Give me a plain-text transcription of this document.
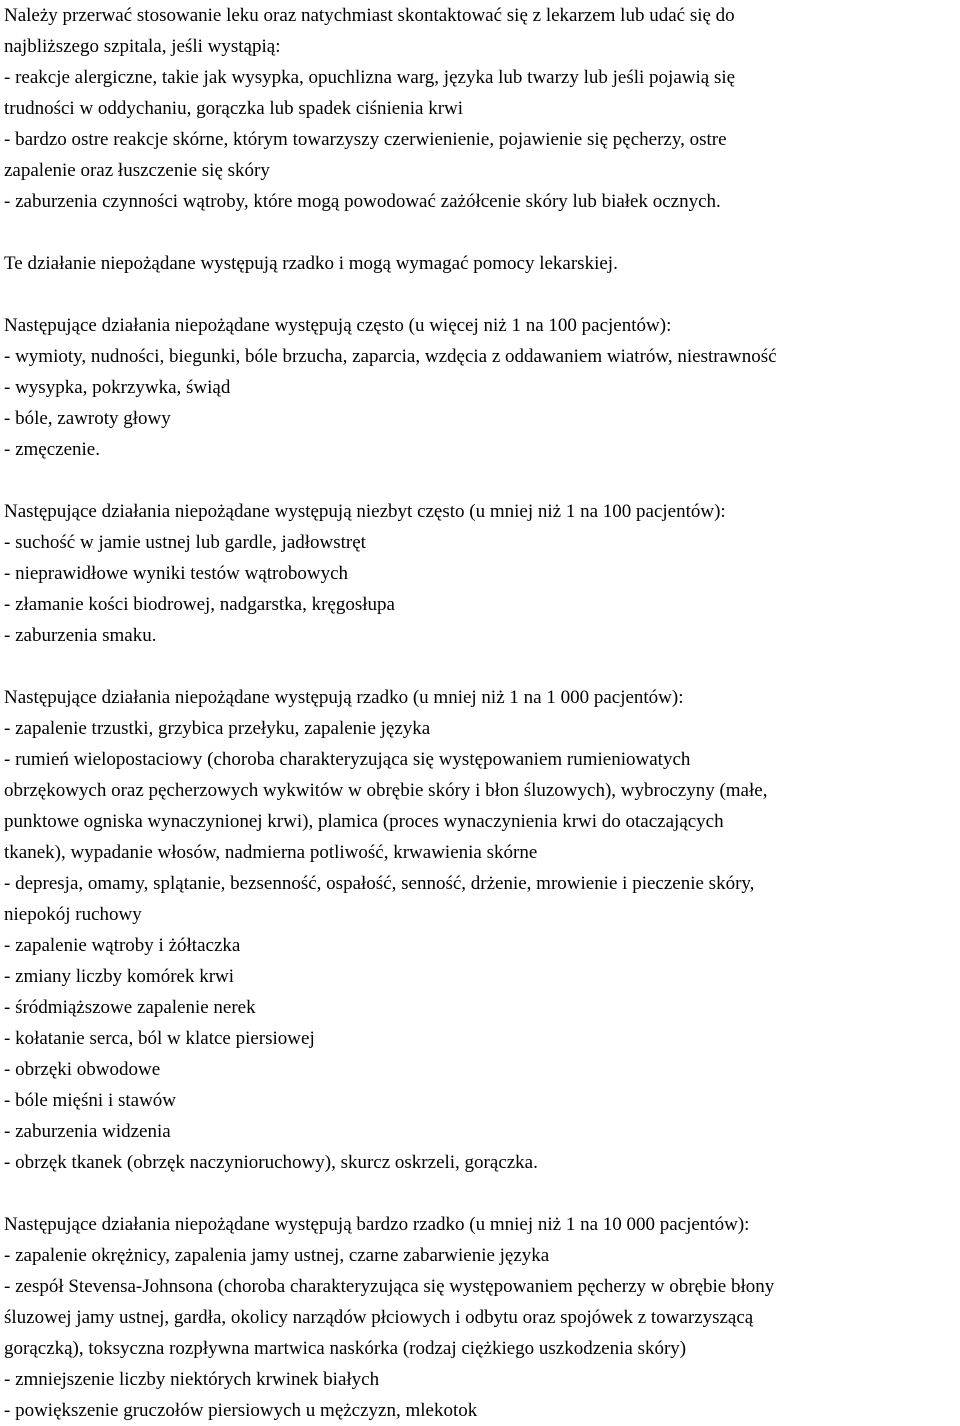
Należy przerwać stosowanie leku oraz natychmiast skontaktować się z lekarzem lub udać się do
najbliższego szpitala, jeśli wystąpią:
- reakcje alergiczne, takie jak wysypka, opuchlizna warg, języka lub twarzy lub jeśli pojawią się
trudności w oddychaniu, gorączka lub spadek ciśnienia krwi
- bardzo ostre reakcje skórne, którym towarzyszy czerwienienie, pojawienie się pęcherzy, ostre
zapalenie oraz łuszczenie się skóry
- zaburzenia czynności wątroby, które mogą powodować zażółcenie skóry lub białek ocznych.
Te działanie niepożądane występują rzadko i mogą wymagać pomocy lekarskiej.
Następujące działania niepożądane występują często (u więcej niż 1 na 100 pacjentów):
- wymioty, nudności, biegunki, bóle brzucha, zaparcia, wzdęcia z oddawaniem wiatrów, niestrawność
- wysypka, pokrzywka, świąd
- bóle, zawroty głowy
- zmęczenie.
Następujące działania niepożądane występują niezbyt często (u mniej niż 1 na 100 pacjentów):
- suchość w jamie ustnej lub gardle, jadłowstręt
- nieprawidłowe wyniki testów wątrobowych
- złamanie kości biodrowej, nadgarstka, kręgosłupa
- zaburzenia smaku.
Następujące działania niepożądane występują rzadko (u mniej niż 1 na 1 000 pacjentów):
- zapalenie trzustki, grzybica przełyku, zapalenie języka
- rumień wielopostaciowy (choroba charakteryzująca się występowaniem rumieniowatych
obrzękowych oraz pęcherzowych wykwitów w obrębie skóry i błon śluzowych), wybroczyny (małe,
punktowe ogniska wynaczynionej krwi), plamica (proces wynaczynienia krwi do otaczających
tkanek), wypadanie włosów, nadmierna potliwość, krwawienia skórne
- depresja, omamy, splątanie, bezsenność, ospałość, senność, drżenie, mrowienie i pieczenie skóry,
niepokój ruchowy
- zapalenie wątroby i żółtaczka
- zmiany liczby komórek krwi
- śródmiąższowe zapalenie nerek
- kołatanie serca, ból w klatce piersiowej
- obrzęki obwodowe
- bóle mięśni i stawów
- zaburzenia widzenia
- obrzęk tkanek (obrzęk naczynioruchowy), skurcz oskrzeli, gorączka.
Następujące działania niepożądane występują bardzo rzadko (u mniej niż 1 na 10 000 pacjentów):
- zapalenie okrężnicy, zapalenia jamy ustnej, czarne zabarwienie języka
- zespół Stevensa-Johnsona (choroba charakteryzująca się występowaniem pęcherzy w obrębie błony
śluzowej jamy ustnej, gardła, okolicy narządów płciowych i odbytu oraz spojówek z towarzyszącą
gorączką), toksyczna rozpływna martwica naskórka (rodzaj ciężkiego uszkodzenia skóry)
- zmniejszenie liczby niektórych krwinek białych
- powiększenie gruczołów piersiowych u mężczyzn, mlekotok
